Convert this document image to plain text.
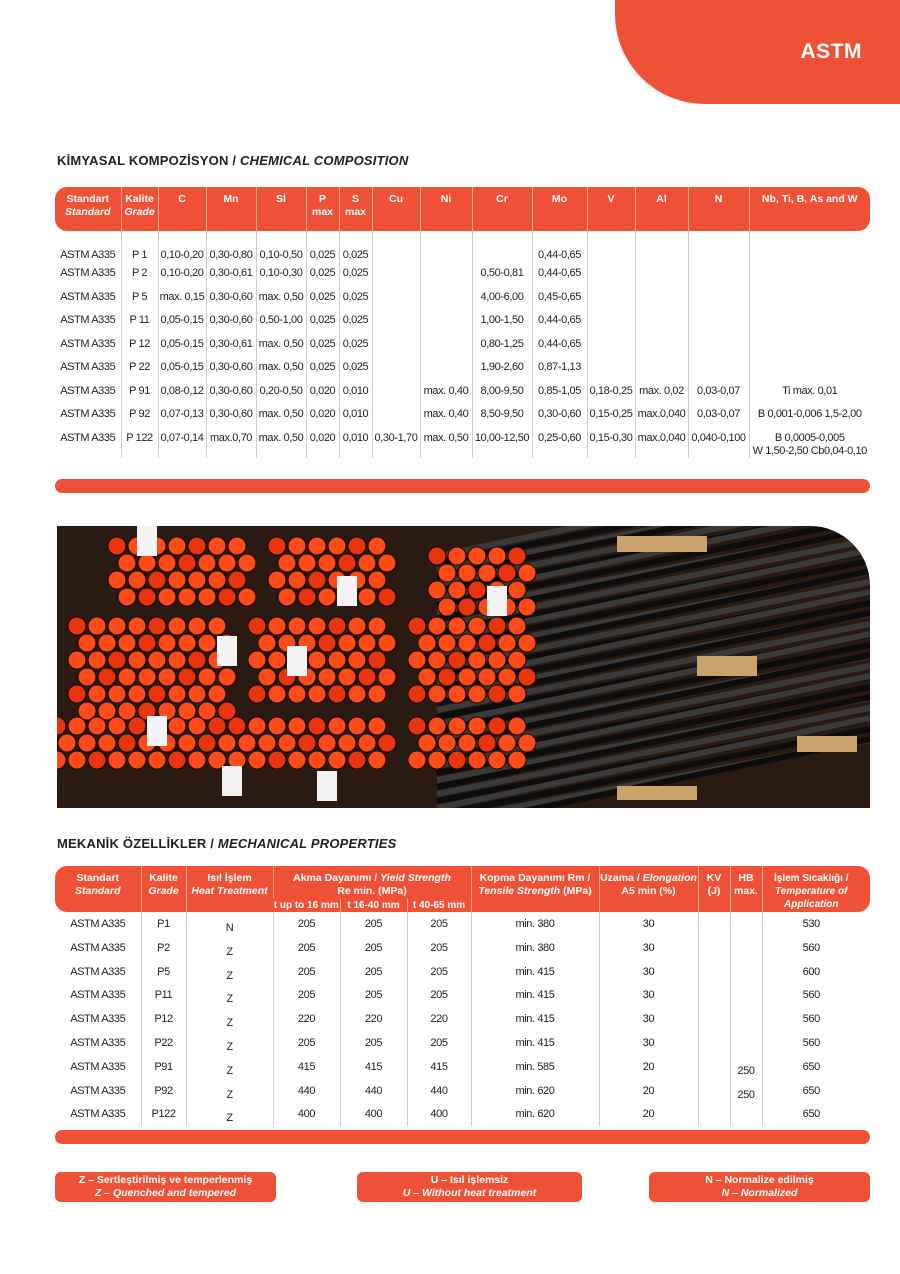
ASTM
KİMYASAL KOMPOZİSYON / CHEMICAL COMPOSITION
Standart
Standard	Kalite
Grade	C	Mn	Sİ	P
max	S
max	Cu	Ni	Cr	Mo	V	Al	N	Nb, Ti, B, As and W
ASTM A335	P 1	0,10-0,20	0,30-0,80	0,10-0,50	0,025	0,025				0,44-0,65				
ASTM A335	P 2	0,10-0,20	0,30-0,61	0,10-0,30	0,025	0,025			0,50-0,81	0,44-0,65				
ASTM A335	P 5	max. 0,15	0,30-0,60	max. 0,50	0,025	0,025			4,00-6,00	0,45-0,65				
ASTM A335	P 11	0,05-0,15	0,30-0,60	0,50-1,00	0,025	0,025			1,00-1,50	0,44-0,65				
ASTM A335	P 12	0,05-0,15	0,30-0,61	max. 0,50	0,025	0,025			0,80-1,25	0,44-0,65				
ASTM A335	P 22	0,05-0,15	0,30-0,60	max. 0,50	0,025	0,025			1,90-2,60	0,87-1,13				
ASTM A335	P 91	0,08-0,12	0,30-0,60	0,20-0,50	0,020	0,010		max. 0,40	8,00-9,50	0,85-1,05	0,18-0,25	max. 0,02	0,03-0,07	Ti max. 0,01
ASTM A335	P 92	0,07-0,13	0,30-0,60	max. 0,50	0,020	0,010		max. 0,40	8,50-9,50	0,30-0,60	0,15-0,25	max.0,040	0,03-0,07	B 0,001-0,006 1,5-2,00
ASTM A335	P 122	0,07-0,14	max.0,70	max. 0,50	0,020	0,010	0,30-1,70	max. 0,50	10,00-12,50	0,25-0,60	0,15-0,30	max.0,040	0,040-0,100	B 0,0005-0,005
W 1,50-2,50 Cb0,04-0,10
MEKANİK ÖZELLİKLER / MECHANICAL PROPERTIES
Standart
Standard	Kalite
Grade	Isıl İşlem
Heat Treatment	Akma Dayanımı / Yield Strength
Re min. (MPa)			Kopma Dayanımı Rm /
Tensile Strength (MPa)	Uzama / Elongation
A5 min (%)	KV
(J)	HB
max.	İşlem Sıcaklığı /
Temperature of Application
			t up to 16 mm	t 16-40 mm	t 40-65 mm					
ASTM A335	P1	N	205	205	205	min. 380	30			530
ASTM A335	P2	Z	205	205	205	min. 380	30			560
ASTM A335	P5	Z	205	205	205	min. 415	30			600
ASTM A335	P11	Z	205	205	205	min. 415	30			560
ASTM A335	P12	Z	220	220	220	min. 415	30			560
ASTM A335	P22	Z	205	205	205	min. 415	30			560
ASTM A335	P91	Z	415	415	415	min. 585	20		250	650
ASTM A335	P92	Z	440	440	440	min. 620	20		250	650
ASTM A335	P122	Z	400	400	400	min. 620	20			650
Z – Sertleştirilmiş ve temperlenmiş
Z – Quenched and tempered
U – Isıl işlemsiz
U – Without heat treatment
N – Normalize edilmiş
N – Normalized
